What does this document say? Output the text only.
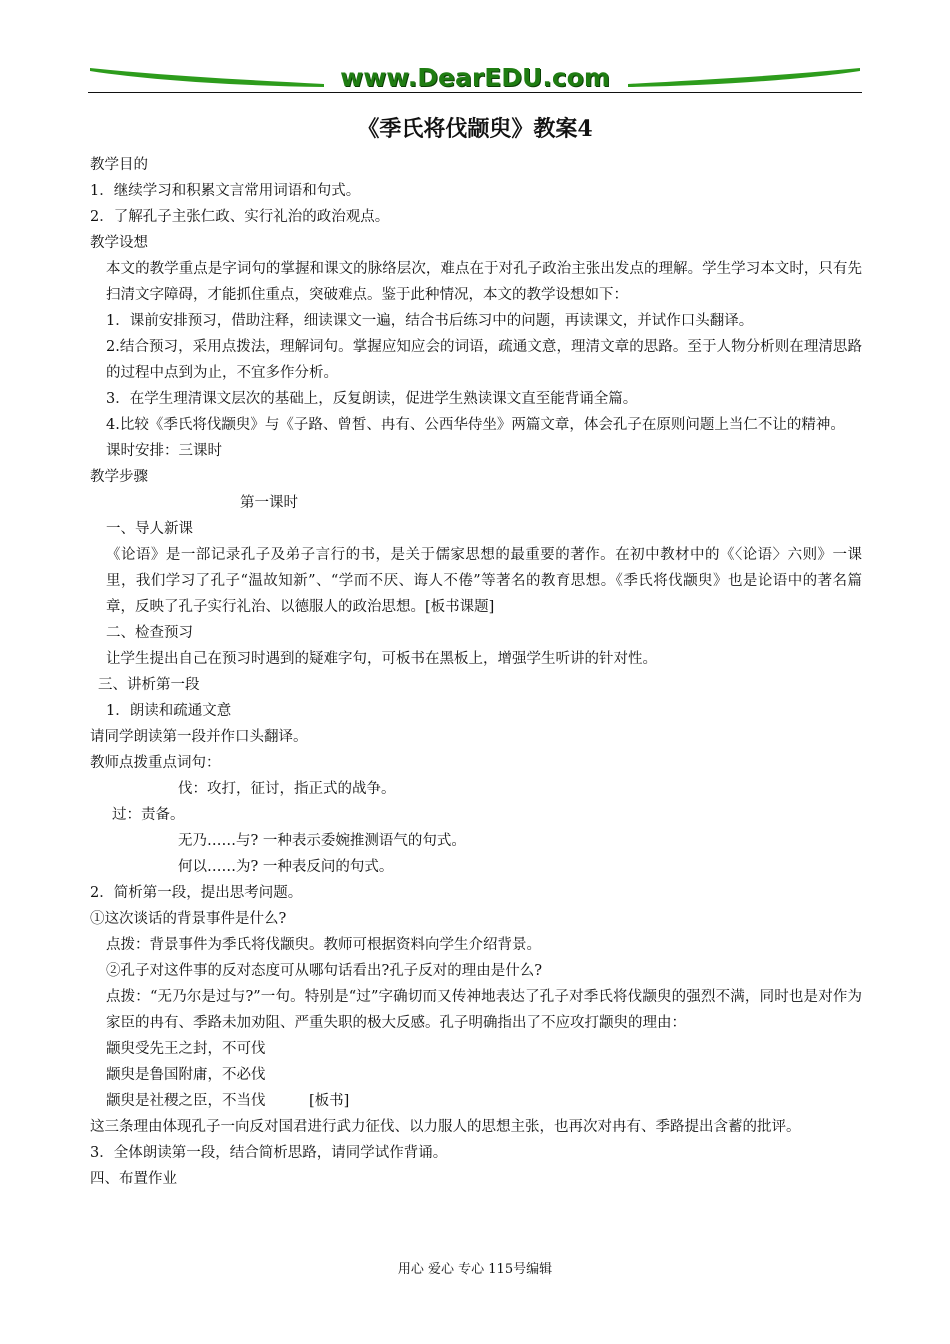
www.DearEDU.com
《季氏将伐颛臾》教案4
教学目的
1．继续学习和积累文言常用词语和句式。
2．了解孔子主张仁政、实行礼治的政治观点。
教学设想
本文的教学重点是字词句的掌握和课文的脉络层次，难点在于对孔子政治主张出发点的理解。学生学习本文时，只有先扫清文字障碍，才能抓住重点，突破难点。鉴于此种情况，本文的教学设想如下：
1．课前安排预习，借助注释，细读课文一遍，结合书后练习中的问题，再读课文，并试作口头翻译。
2.结合预习，采用点拨法，理解词句。掌握应知应会的词语，疏通文意，理清文章的思路。至于人物分析则在理清思路的过程中点到为止，不宜多作分析。
3．在学生理清课文层次的基础上，反复朗读，促进学生熟读课文直至能背诵全篇。
4.比较《季氏将伐颛臾》与《子路、曾皙、冉有、公西华侍坐》两篇文章，体会孔子在原则问题上当仁不让的精神。
课时安排：三课时
教学步骤
第一课时
一、导人新课
《论语》是一部记录孔子及弟子言行的书，是关于儒家思想的最重要的著作。在初中教材中的《〈论语〉六则》一课里，我们学习了孔子“温故知新”、“学而不厌、诲人不倦”等著名的教育思想。《季氏将伐颛臾》也是论语中的著名篇章，反映了孔子实行礼治、以德服人的政治思想。[板书课题]
二、检查预习
让学生提出自己在预习时遇到的疑难字句，可板书在黑板上，增强学生听讲的针对性。
三、讲析第一段
1．朗读和疏通文意
请同学朗读第一段并作口头翻译。
教师点拨重点词句：
伐：攻打，征讨，指正式的战争。
过：责备。
无乃……与? 一种表示委婉推测语气的句式。
何以……为? 一种表反问的句式。
2．简析第一段，提出思考问题。
①这次谈话的背景事件是什么?
点拨：背景事件为季氏将伐颛臾。教师可根据资料向学生介绍背景。
②孔子对这件事的反对态度可从哪句话看出?孔子反对的理由是什么?
点拨：“无乃尔是过与?”一句。特别是“过”字确切而又传神地表达了孔子对季氏将伐颛臾的强烈不满，同时也是对作为家臣的冉有、季路未加劝阻、严重失职的极大反感。孔子明确指出了不应攻打颛臾的理由：
颛臾受先王之封，不可伐
颛臾是鲁国附庸，不必伐
颛臾是社稷之臣，不当伐　　　[板书]
这三条理由体现孔子一向反对国君进行武力征伐、以力服人的思想主张，也再次对冉有、季路提出含蓄的批评。
3．全体朗读第一段，结合简析思路，请同学试作背诵。
四、布置作业
用心 爱心 专心 115号编辑
